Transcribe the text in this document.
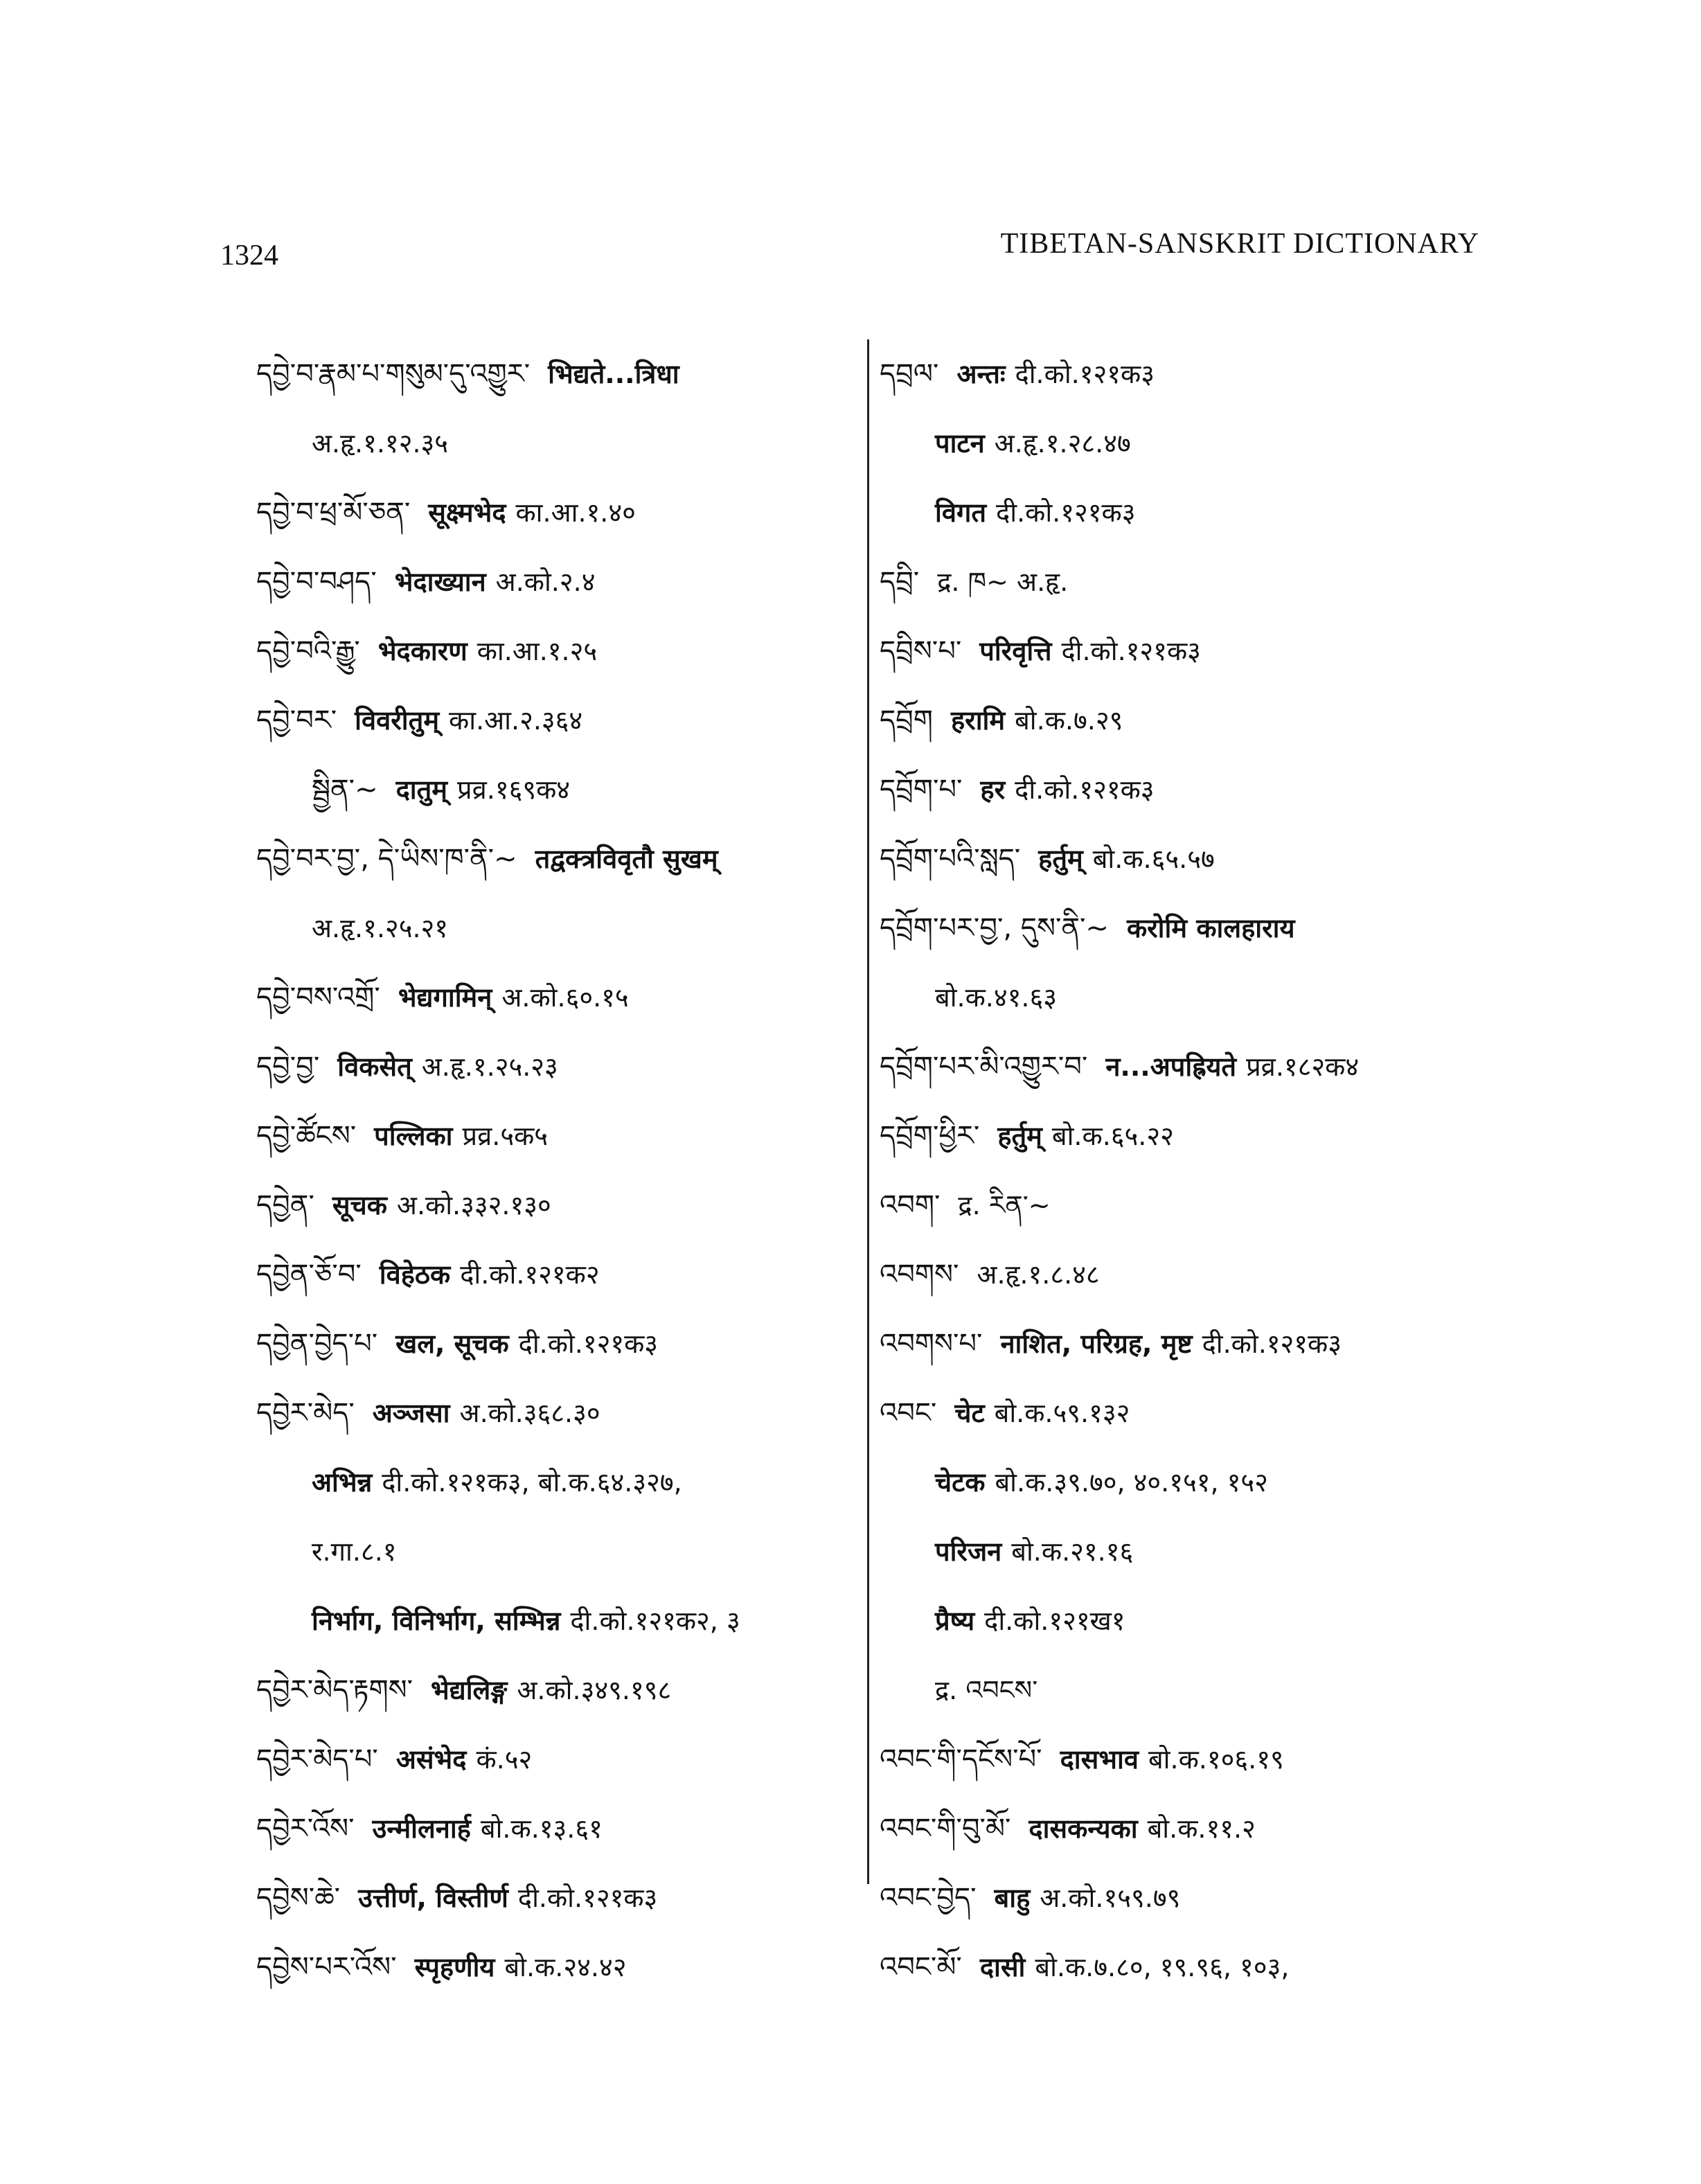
1324	TIBETAN-SANSKRIT DICTIONARY
དབྱེ་བ་རྣམ་པ་གསུམ་དུ་འགྱུར་ भिद्यते...त्रिधा
अ.हृ.१.१२.३५
དབྱེ་བ་ཕྲ་མོ་ཅན་ सूक्ष्मभेद का.आ.१.४०
དབྱེ་བ་བཤད་ भेदाख्यान अ.को.२.४
དབྱེ་བའི་རྒྱུ་ भेदकारण का.आ.१.२५
དབྱེ་བར་ विवरीतुम् का.आ.२.३६४
སྦྱིན་~ दातुम् प्रव्र.१६९क४
དབྱེ་བར་བྱ་, དེ་ཡིས་ཁ་ནི་~ तद्वक्त्रविवृतौ सुखम्
अ.हृ.१.२५.२१
དབྱེ་བས་འགྲོ་ भेद्यगामिन् अ.को.६०.१५
དབྱེ་བྱ་ विकसेत् अ.हृ.१.२५.२३
དབྱེ་ཚོངས་ पल्लिका प्रव्र.५क५
དབྱེན་ सूचक अ.को.३३२.१३०
དབྱེན་ཅོ་བ་ विहेठक दी.को.१२१क२
དབྱེན་བྱེད་པ་ खल, सूचक दी.को.१२१क३
དབྱེར་མེད་ अञ्जसा अ.को.३६८.३०
अभिन्न दी.को.१२१क३, बो.क.६४.३२७,
र.गा.८.१
निर्भाग, विनिर्भाग, सम्भिन्न दी.को.१२१क२, ३
དབྱེར་མེད་རྟགས་ भेद्यलिङ्ग अ.को.३४९.१९८
དབྱེར་མེད་པ་ असंभेद कं.५२
དབྱེར་འོས་ उन्मीलनार्ह बो.क.१३.६१
དབྱེས་ཆེ་ उत्तीर्ण, विस्तीर्ण दी.को.१२१क३
དབྱེས་པར་འོས་ स्पृहणीय बो.क.२४.४२
དབྲལ་ अन्तः दी.को.१२१क३
पाटन अ.हृ.१.२८.४७
विगत दी.को.१२१क३
དབྲི་ द्र. ཁ~ अ.हृ.
དབྲིས་པ་ परिवृत्ति दी.को.१२१क३
དབྲོག हरामि बो.क.७.२९
དབྲོག་པ་ हर दी.को.१२१क३
དབྲོག་པའི་སླད་ हर्तुम् बो.क.६५.५७
དབྲོག་པར་བྱ་, དུས་ནི་~ करोमि कालहाराय
बो.क.४१.६३
དབྲོག་པར་མི་འགྱུར་བ་ न...अपह्रियते प्रव्र.१८२क४
དབྲོག་ཕྱིར་ हर्तुम् बो.क.६५.२२
འབག་ द्र. རིན་~
འབགས་ अ.हृ.१.८.४८
འབགས་པ་ नाशित, परिग्रह, मृष्ट दी.को.१२१क३
འབང་ चेट बो.क.५९.१३२
चेटक बो.क.३९.७०, ४०.१५१, १५२
परिजन बो.क.२१.१६
प्रैष्य दी.को.१२१ख१
द्र. འབངས་
འབང་གི་དངོས་པོ་ दासभाव बो.क.१०६.१९
འབང་གི་བུ་མོ་ दासकन्यका बो.क.११.२
འབང་བྱེད་ बाहु अ.को.१५९.७९
འབང་མོ་ दासी बो.क.७.८०, १९.९६, १०३,
